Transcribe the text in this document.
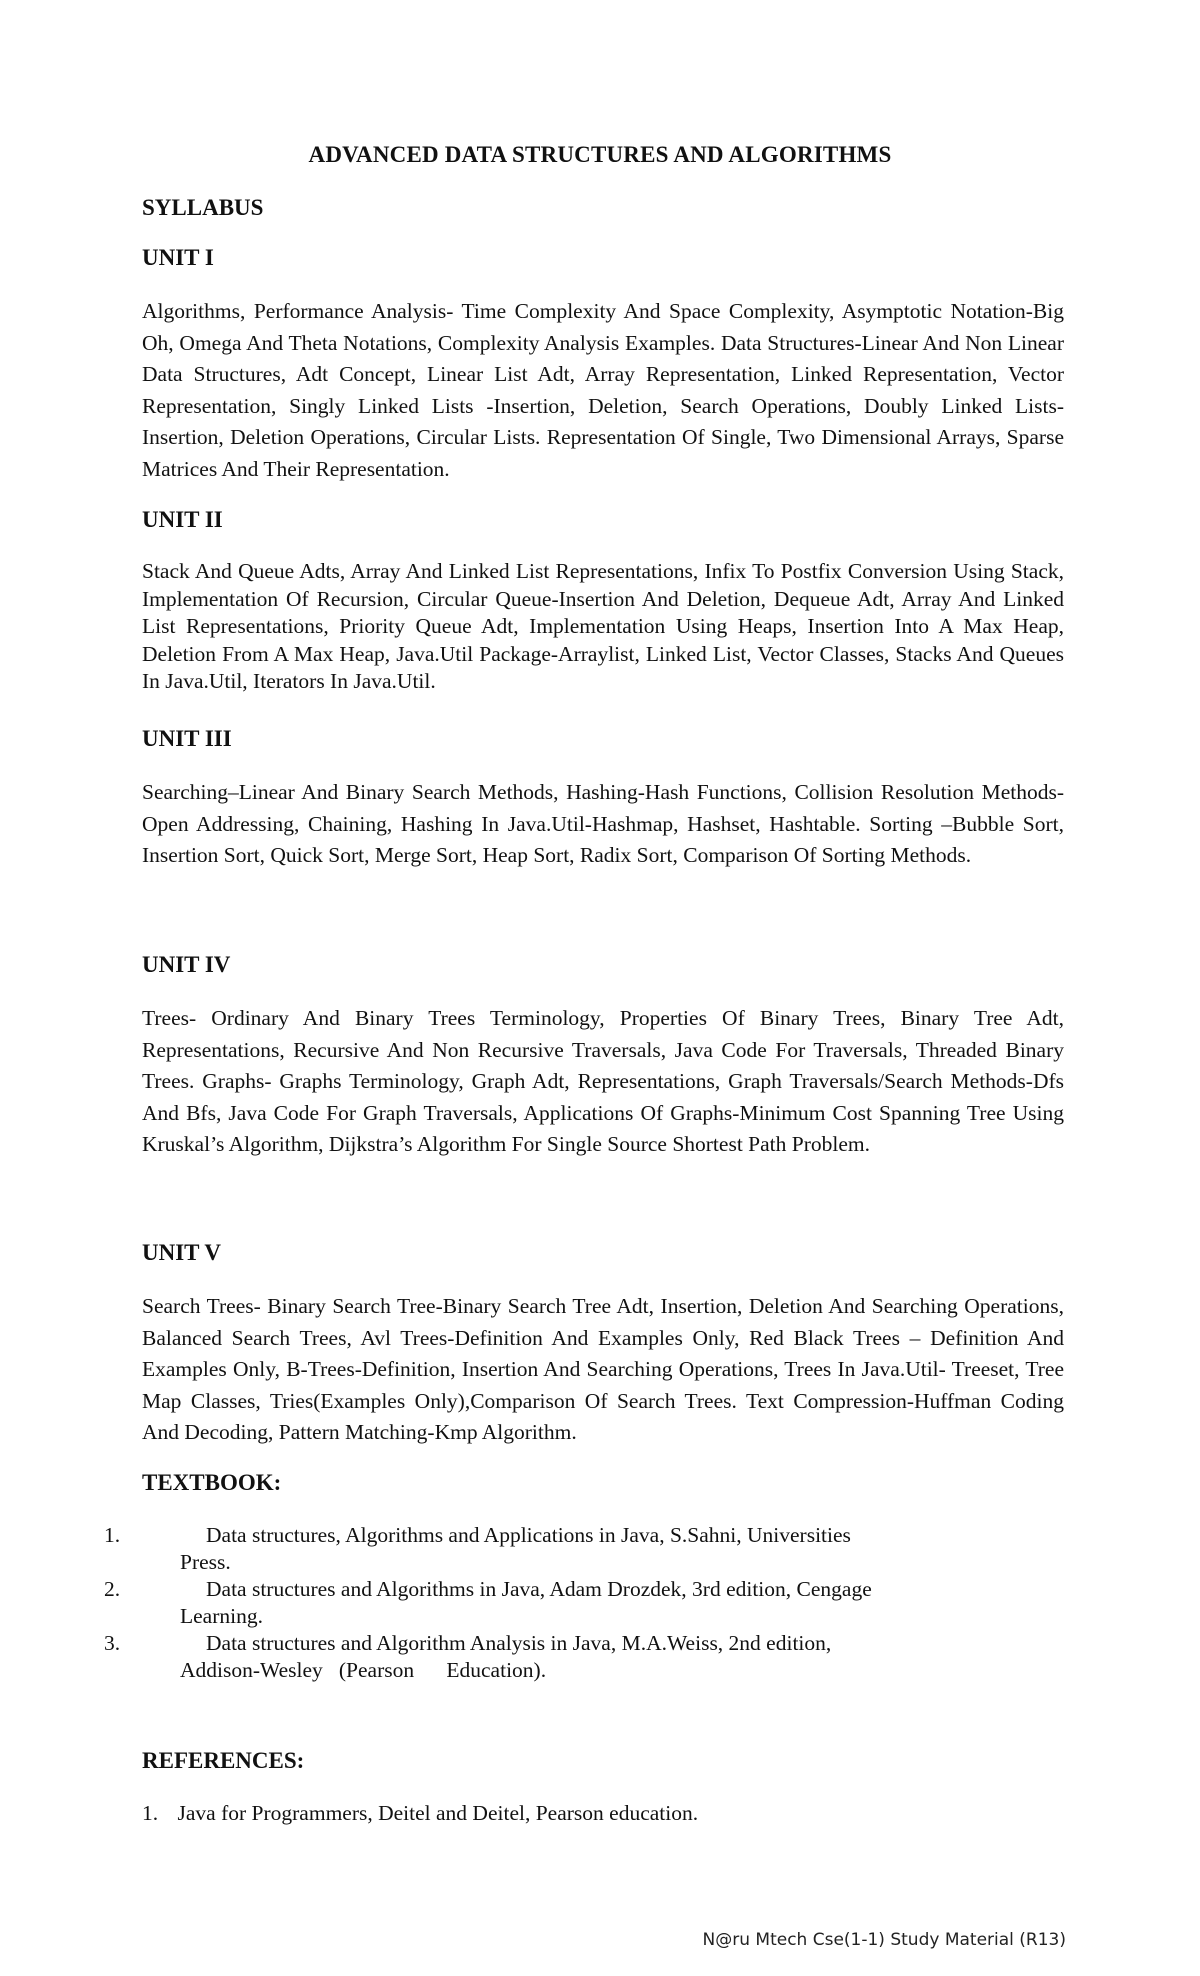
ADVANCED DATA STRUCTURES AND ALGORITHMS
SYLLABUS
UNIT I

Algorithms, Performance Analysis- Time Complexity And Space Complexity, Asymptotic Notation-Big Oh, Omega And Theta Notations, Complexity Analysis Examples. Data Structures-Linear And Non Linear Data Structures, Adt Concept, Linear List Adt, Array Representation, Linked Representation, Vector Representation, Singly Linked Lists -Insertion, Deletion, Search Operations, Doubly Linked Lists-Insertion, Deletion Operations, Circular Lists. Representation Of Single, Two Dimensional Arrays, Sparse Matrices And Their Representation.

UNIT II

Stack And Queue Adts, Array And Linked List Representations, Infix To Postfix Conversion Using Stack, Implementation Of Recursion, Circular Queue-Insertion And Deletion, Dequeue Adt, Array And Linked List Representations, Priority Queue Adt, Implementation Using Heaps, Insertion Into A Max Heap, Deletion From A Max Heap, Java.Util Package-Arraylist, Linked List, Vector Classes, Stacks And Queues In Java.Util, Iterators In Java.Util.

UNIT III

Searching–Linear And Binary Search Methods, Hashing-Hash Functions, Collision Resolution Methods-Open Addressing, Chaining, Hashing In Java.Util-Hashmap, Hashset, Hashtable. Sorting –Bubble Sort, Insertion Sort, Quick Sort, Merge Sort, Heap Sort, Radix Sort, Comparison Of Sorting Methods.

UNIT IV

Trees- Ordinary And Binary Trees Terminology, Properties Of Binary Trees, Binary Tree Adt, Representations, Recursive And Non Recursive Traversals, Java Code For Traversals, Threaded Binary Trees. Graphs- Graphs Terminology, Graph Adt, Representations, Graph Traversals/Search Methods-Dfs And Bfs, Java Code For Graph Traversals, Applications Of Graphs-Minimum Cost Spanning Tree Using Kruskal’s Algorithm, Dijkstra’s Algorithm For Single Source Shortest Path Problem.

UNIT V

Search Trees- Binary Search Tree-Binary Search Tree Adt, Insertion, Deletion And Searching Operations, Balanced Search Trees, Avl Trees-Definition And Examples Only, Red Black Trees – Definition And Examples Only, B-Trees-Definition, Insertion And Searching Operations, Trees In Java.Util- Treeset, Tree Map Classes, Tries(Examples Only),Comparison Of Search Trees. Text Compression-Huffman Coding And Decoding, Pattern Matching-Kmp Algorithm.

TEXTBOOK:
1.	Data structures, Algorithms and Applications in Java, S.Sahni, Universities
Press.
2.	Data structures and Algorithms in Java, Adam Drozdek, 3rd edition, Cengage
Learning.
3.	Data structures and Algorithm Analysis in Java, M.A.Weiss, 2nd edition,
Addison-Wesley   (Pearson      Education).
REFERENCES:
1. Java for Programmers, Deitel and Deitel, Pearson education.
N@ru Mtech Cse(1-1) Study Material (R13)
